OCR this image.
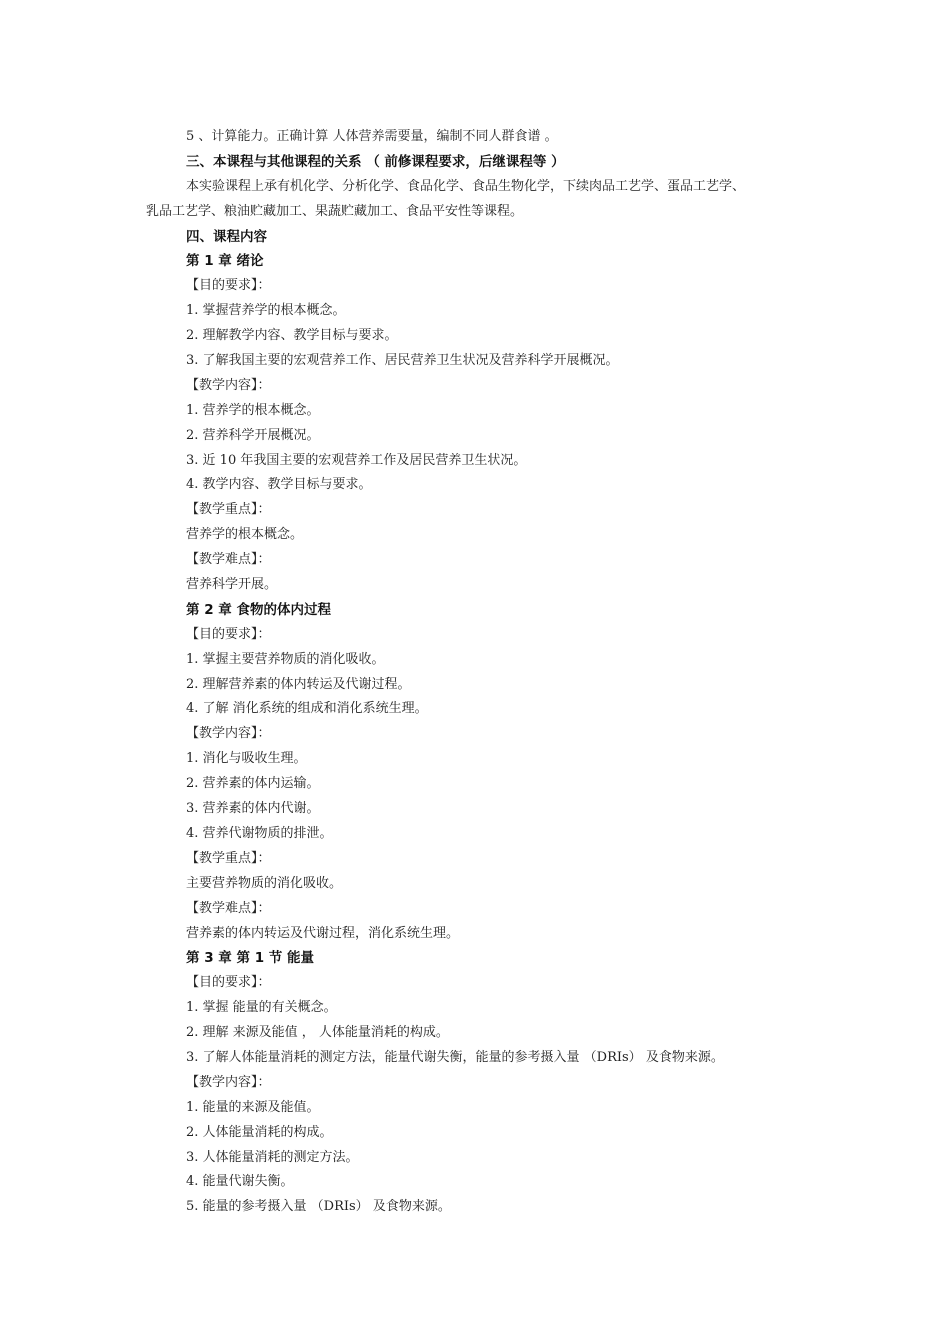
5 、计算能力。正确计算 人体营养需要量，编制不同人群食谱 。
三、本课程与其他课程的关系 （ 前修课程要求，后继课程等 ）
本实验课程上承有机化学、分析化学、食品化学、食品生物化学，下续肉品工艺学、蛋品工艺学、
乳品工艺学、粮油贮藏加工、果蔬贮藏加工、食品平安性等课程。
四、课程内容
第 1 章 绪论
【目的要求】：
1. 掌握营养学的根本概念。
2. 理解教学内容、教学目标与要求。
3. 了解我国主要的宏观营养工作、居民营养卫生状况及营养科学开展概况。
【教学内容】：
1. 营养学的根本概念。
2. 营养科学开展概况。
3. 近 10 年我国主要的宏观营养工作及居民营养卫生状况。
4. 教学内容、教学目标与要求。
【教学重点】：
营养学的根本概念。
【教学难点】：
营养科学开展。
第 2 章 食物的体内过程
【目的要求】：
1. 掌握主要营养物质的消化吸收。
2. 理解营养素的体内转运及代谢过程。
4. 了解 消化系统的组成和消化系统生理。
【教学内容】：
1. 消化与吸收生理。
2. 营养素的体内运输。
3. 营养素的体内代谢。
4. 营养代谢物质的排泄。
【教学重点】：
主要营养物质的消化吸收。
【教学难点】：
营养素的体内转运及代谢过程，消化系统生理。
第 3 章 第 1 节 能量
【目的要求】：
1. 掌握 能量的有关概念。
2. 理解 来源及能值 ， 人体能量消耗的构成。
3. 了解人体能量消耗的测定方法，能量代谢失衡，能量的参考摄入量 （DRIs） 及食物来源。
【教学内容】：
1. 能量的来源及能值。
2. 人体能量消耗的构成。
3. 人体能量消耗的测定方法。
4. 能量代谢失衡。
5. 能量的参考摄入量 （DRIs） 及食物来源。
